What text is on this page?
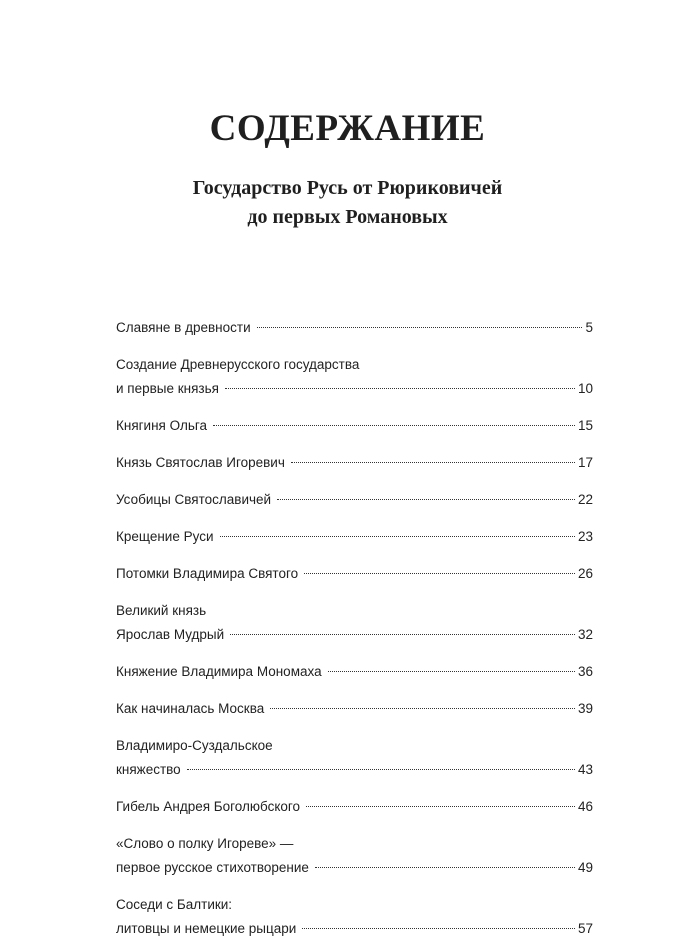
СОДЕРЖАНИЕ
Государство Русь от Рюриковичей
до первых Романовых
Славяне в древности	5
Создание Древнерусского государства
и первые князья	10
Княгиня Ольга	15
Князь Святослав Игоревич	17
Усобицы Святославичей	22
Крещение Руси	23
Потомки Владимира Святого	26
Великий князь
Ярослав Мудрый	32
Княжение Владимира Мономаха	36
Как начиналась Москва	39
Владимиро-Суздальское
княжество	43
Гибель Андрея Боголюбского	46
«Слово о полку Игореве» —
первое русское стихотворение	49
Соседи с Балтики:
литовцы и немецкие рыцари	57
